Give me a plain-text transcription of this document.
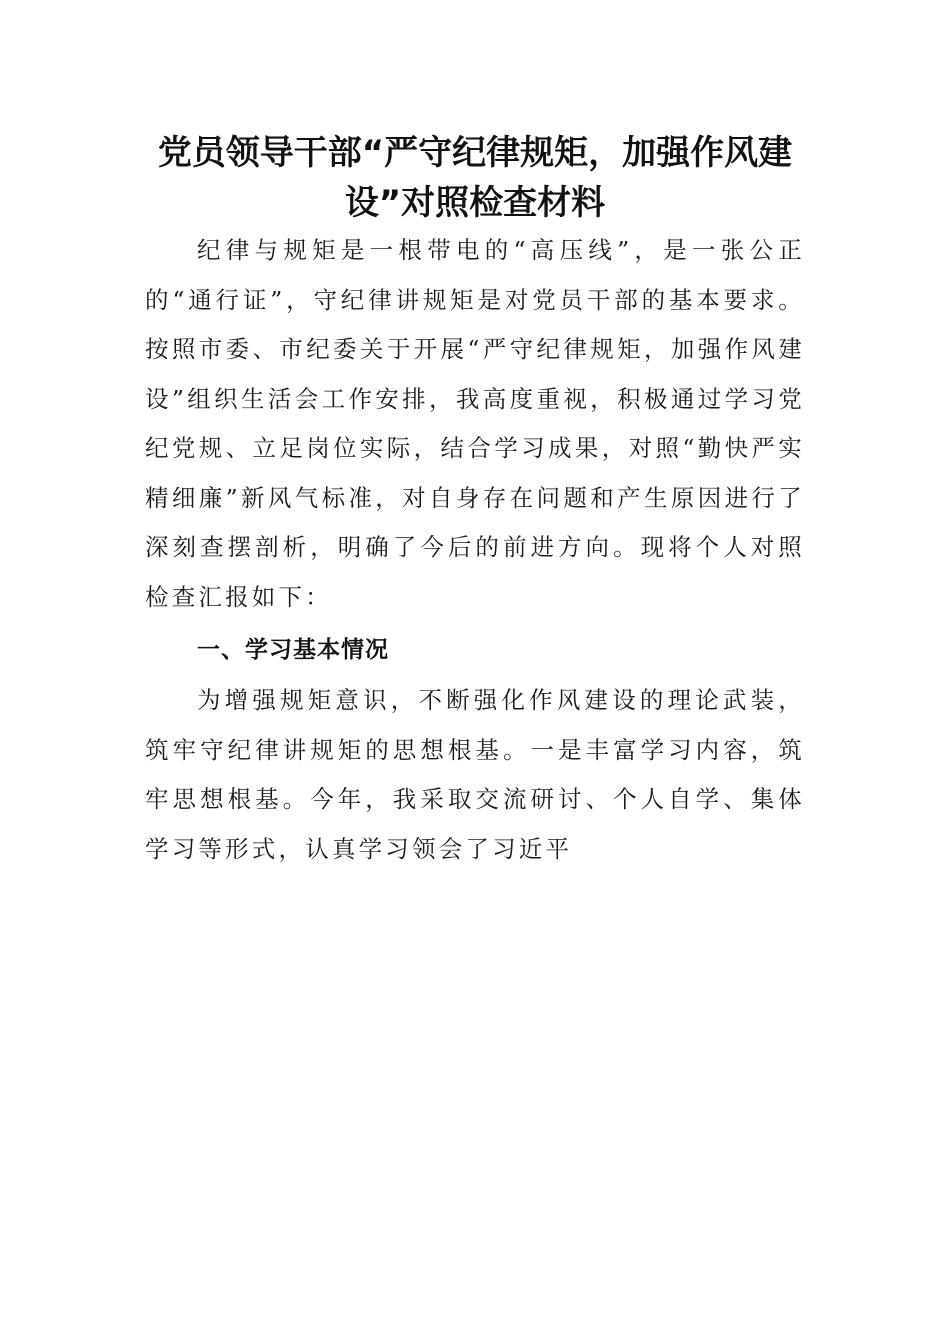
党员领导干部“严守纪律规矩，加强作风建设”对照检查材料

纪律与规矩是一根带电的“高压线”，是一张公正的“通行证”，守纪律讲规矩是对党员干部的基本要求。按照市委、市纪委关于开展“严守纪律规矩，加强作风建设”组织生活会工作安排，我高度重视，积极通过学习党纪党规、立足岗位实际，结合学习成果，对照“勤快严实精细廉”新风气标准，对自身存在问题和产生原因进行了深刻查摆剖析，明确了今后的前进方向。现将个人对照检查汇报如下：

一、学习基本情况

为增强规矩意识，不断强化作风建设的理论武装，筑牢守纪律讲规矩的思想根基。一是丰富学习内容，筑牢思想根基。今年，我采取交流研讨、个人自学、集体学习等形式，认真学习领会了习近平
